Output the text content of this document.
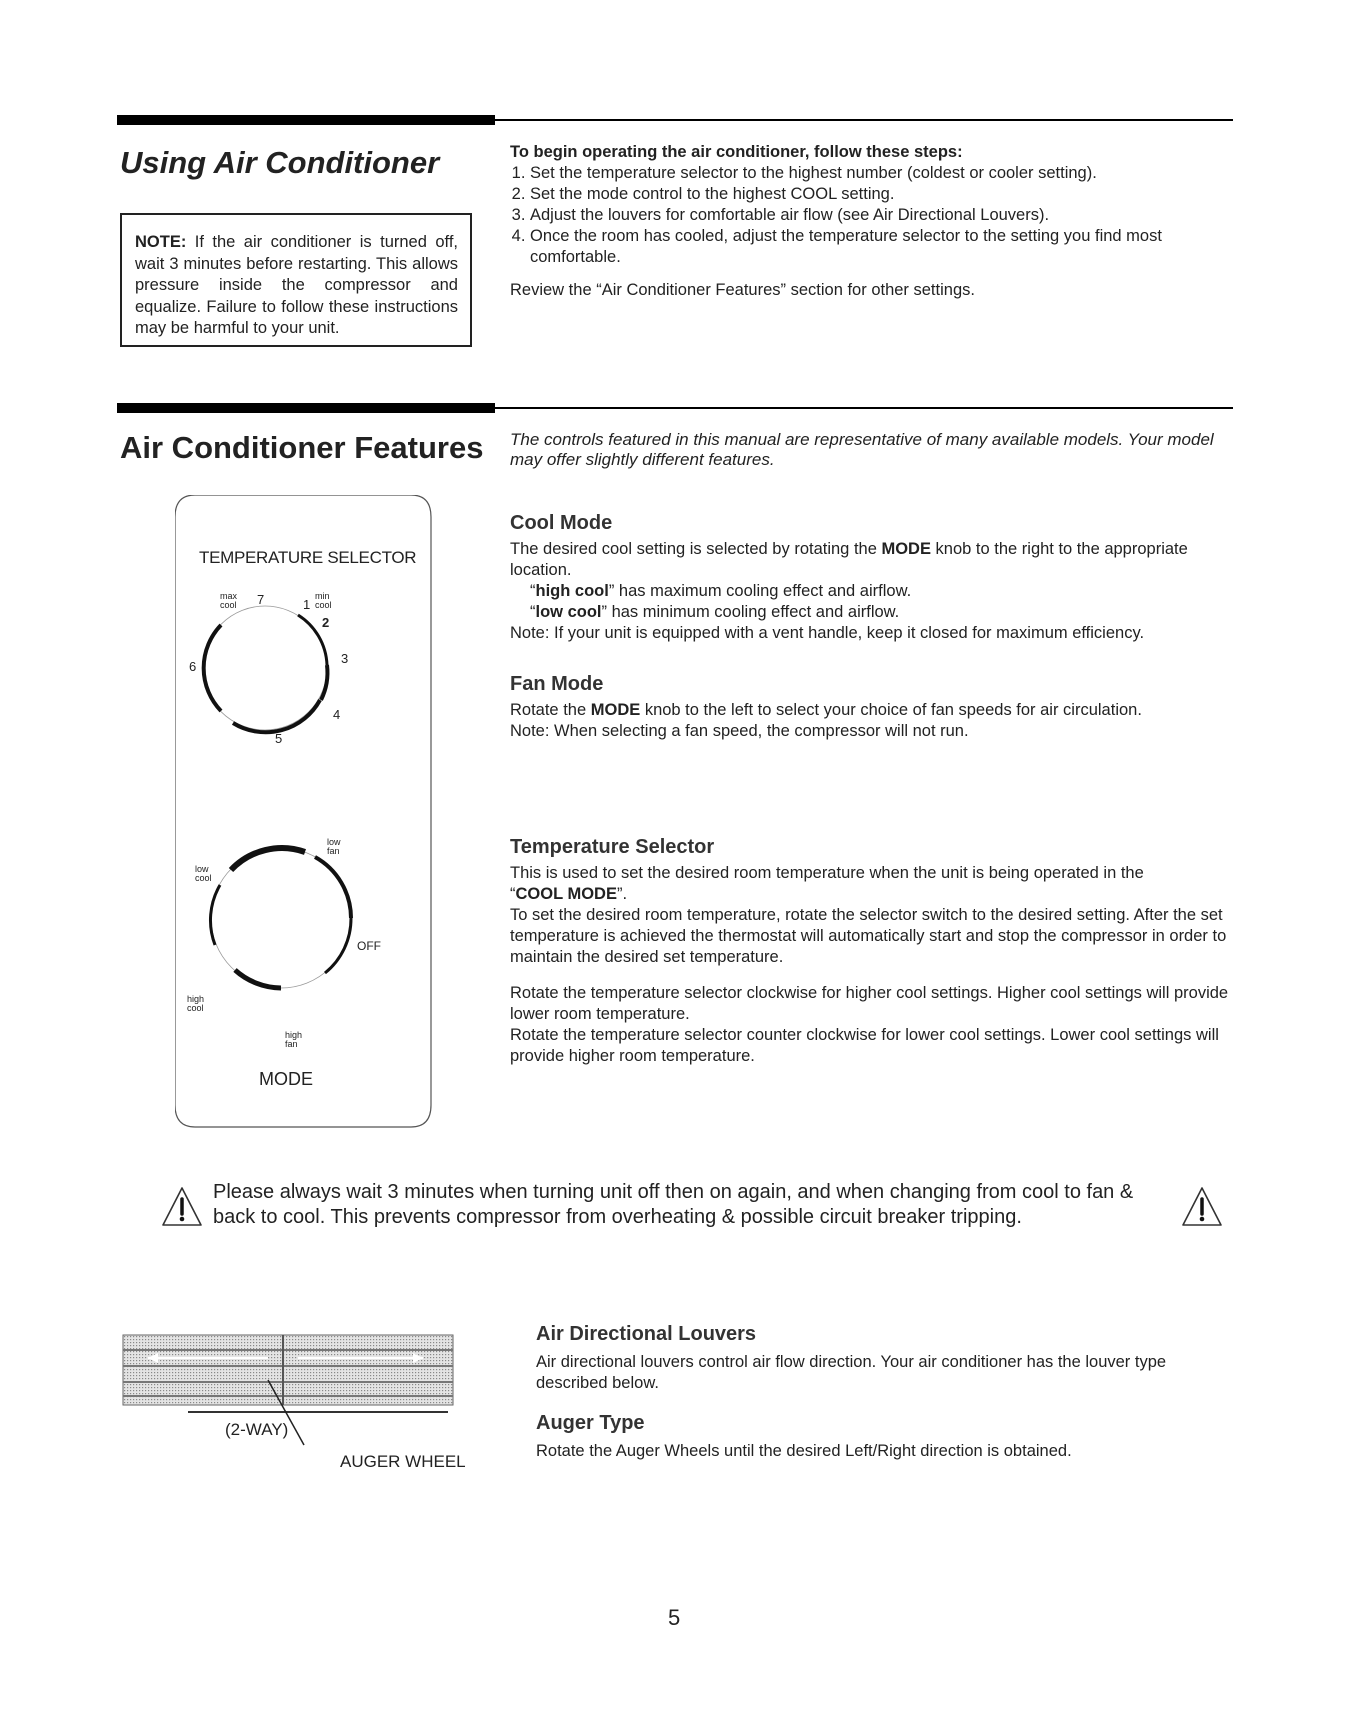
Using Air Conditioner
NOTE: If the air conditioner is turned off, wait 3 minutes before restarting. This allows pressure inside the compressor and equalize. Failure to follow these instructions may be harmful to your unit.
To begin operating the air conditioner, follow these steps:
1. Set the temperature selector to the highest number (coldest or cooler setting).
2. Set the mode control to the highest COOL setting.
3. Adjust the louvers for comfortable air flow (see Air Directional Louvers).
4. Once the room has cooled, adjust the temperature selector to the setting you find most comfortable.
Review the “Air Conditioner Features” section for other settings.
Air Conditioner Features The controls featured in this manual are representative of many available models. Your model may offer slightly different features.
TEMPERATURE SELECTOR
max
cool
min
cool
7	1
2
3
4
5
6
low
fan
low
cool
OFF
high
cool
high
fan
MODE
Cool Mode
The desired cool setting is selected by rotating the MODE knob to the right to the appropriate location.
“high cool” has maximum cooling effect and airflow.
“low cool” has minimum cooling effect and airflow.
Note: If your unit is equipped with a vent handle, keep it closed for maximum efficiency.
Fan Mode
Rotate the MODE knob to the left to select your choice of fan speeds for air circulation.
Note: When selecting a fan speed, the compressor will not run.
Temperature Selector
This is used to set the desired room temperature when the unit is being operated in the “COOL MODE”.
To set the desired room temperature, rotate the selector switch to the desired setting. After the set temperature is achieved the thermostat will automatically start and stop the compressor in order to maintain the desired set temperature.
Rotate the temperature selector clockwise for higher cool settings. Higher cool settings will provide lower room temperature.
Rotate the temperature selector counter clockwise for lower cool settings. Lower cool settings will provide higher room temperature.
Please always wait 3 minutes when turning unit off then on again, and when changing from cool to fan & back to cool. This prevents compressor from overheating & possible circuit breaker tripping.
(2-WAY)
AUGER WHEEL
Air Directional Louvers
Air directional louvers control air flow direction. Your air conditioner has the louver type described below.
Auger Type
Rotate the Auger Wheels until the desired Left/Right direction is obtained.
5
